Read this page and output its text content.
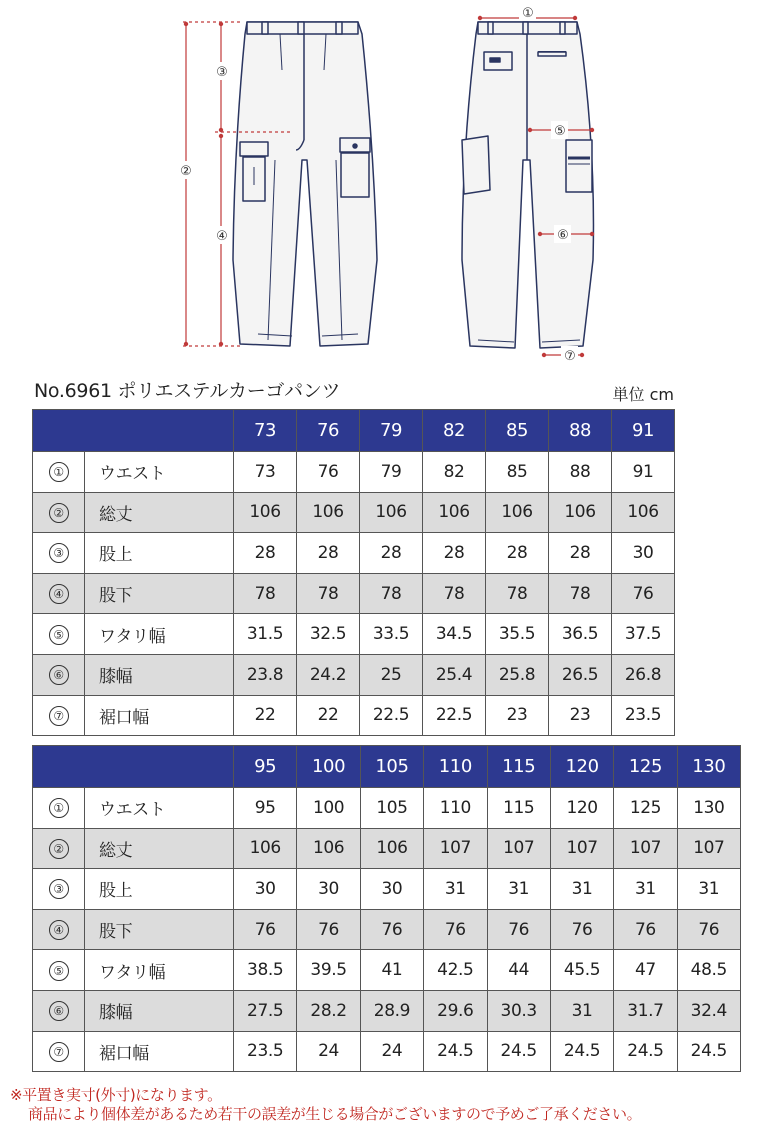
③
②
④
①
⑤
⑥
⑦
No.6961 ポリエステルカーゴパンツ	単位 cm
		73	76	79	82	85	88	91
①	ウエスト	73	76	79	82	85	88	91
②	総丈	106	106	106	106	106	106	106
③	股上	28	28	28	28	28	28	30
④	股下	78	78	78	78	78	78	76
⑤	ワタリ幅	31.5	32.5	33.5	34.5	35.5	36.5	37.5
⑥	膝幅	23.8	24.2	25	25.4	25.8	26.5	26.8
⑦	裾口幅	22	22	22.5	22.5	23	23	23.5
		95	100	105	110	115	120	125	130
①	ウエスト	95	100	105	110	115	120	125	130
②	総丈	106	106	106	107	107	107	107	107
③	股上	30	30	30	31	31	31	31	31
④	股下	76	76	76	76	76	76	76	76
⑤	ワタリ幅	38.5	39.5	41	42.5	44	45.5	47	48.5
⑥	膝幅	27.5	28.2	28.9	29.6	30.3	31	31.7	32.4
⑦	裾口幅	23.5	24	24	24.5	24.5	24.5	24.5	24.5
※平置き実寸(外寸)になります。
商品により個体差があるため若干の誤差が生じる場合がございますので予めご了承ください。
